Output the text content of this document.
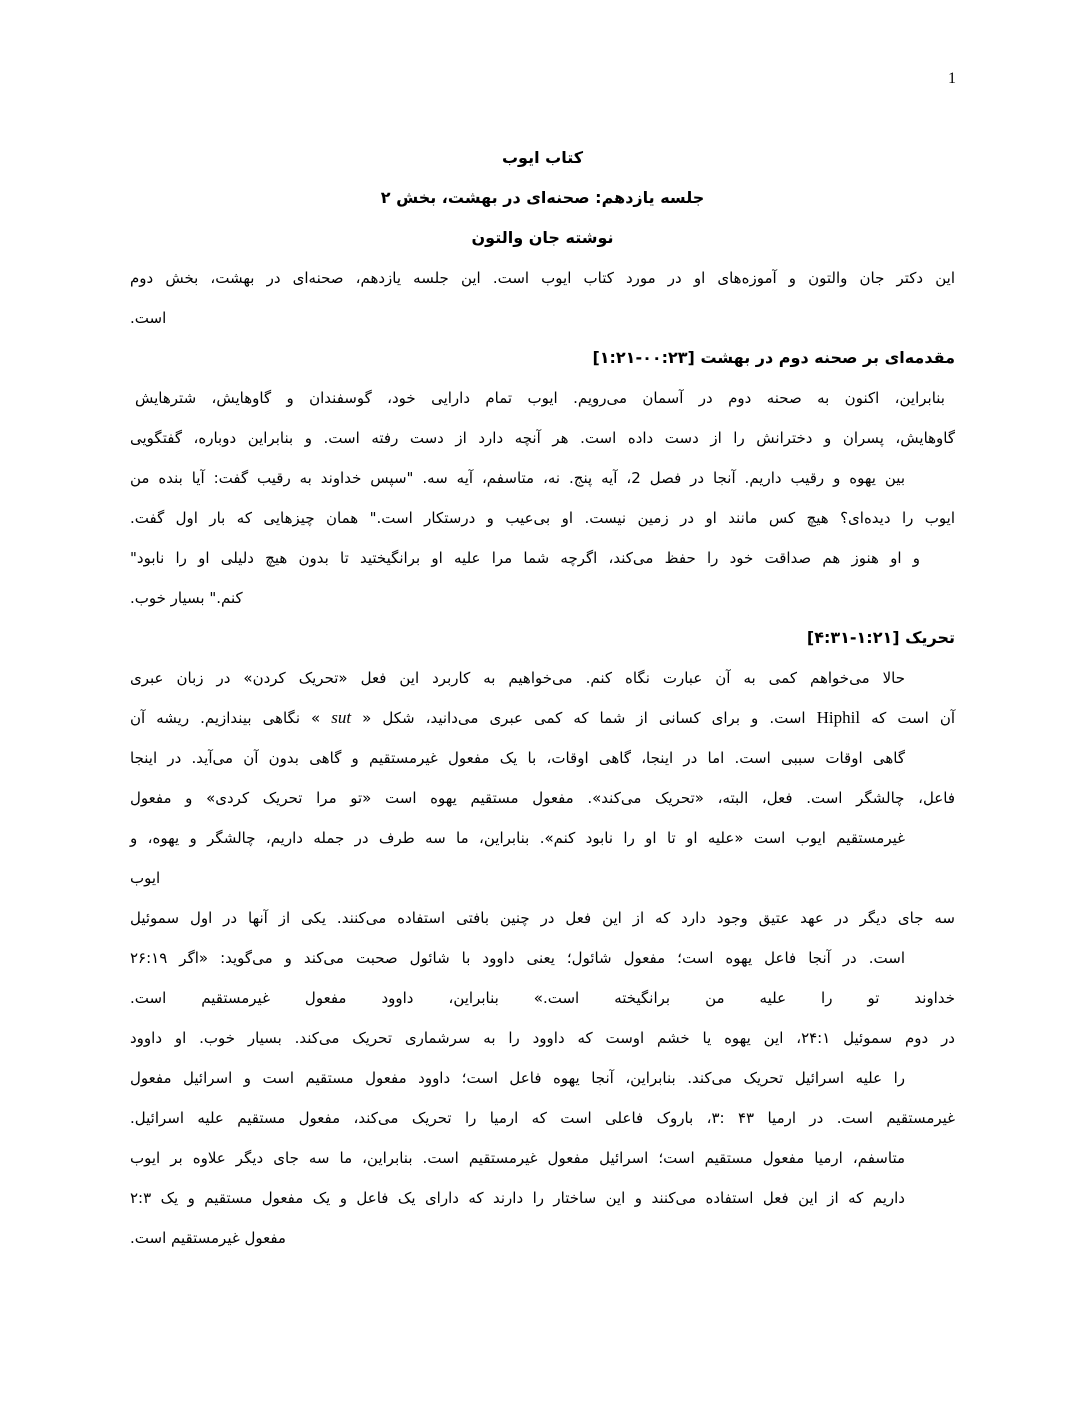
1
کتاب ایوب
جلسه یازدهم: صحنه‌ای در بهشت، بخش ۲
نوشته جان والتون
این دکتر جان والتون و آموزه‌های او در مورد کتاب ایوب است. این جلسه یازدهم، صحنه‌ای در بهشت، بخش دوم
است.
مقدمه‌ای بر صحنه دوم در بهشت [۱:۲۱-۰۰:۲۳]
بنابراین، اکنون به صحنه دوم در آسمان می‌رویم. ایوب تمام دارایی خود، گوسفندان و گاوهایش، شترهایش
گاوهایش، پسران و دخترانش را از دست داده است. هر آنچه دارد از دست رفته است. و بنابراین دوباره، گفتگویی
بین یهوه و رقیب داریم. آنجا در فصل 2، آیه پنج. نه، متاسفم، آیه سه. "سپس خداوند به رقیب گفت: آیا بنده من
ایوب را دیده‌ای؟ هیچ کس مانند او در زمین نیست. او بی‌عیب و درستکار است." همان چیزهایی که بار اول گفت.
و او هنوز هم صداقت خود را حفظ می‌کند، اگرچه شما مرا علیه او برانگیختید تا بدون هیچ دلیلی او را نابود"
کنم." بسیار خوب.
تحریک [۴:۳۱-۱:۲۱]
حالا می‌خواهم کمی به آن عبارت نگاه کنم. می‌خواهیم به کاربرد این فعل «تحریک کردن» در زبان عبری
آن است که Hiphil است. و برای کسانی از شما که کمی عبری می‌دانید، شکل « sut » نگاهی بیندازیم. ریشه آن
گاهی اوقات سببی است. اما در اینجا، گاهی اوقات، با یک مفعول غیرمستقیم و گاهی بدون آن می‌آید. در اینجا
فاعل، چالشگر است. فعل، البته، «تحریک می‌کند». مفعول مستقیم یهوه است «تو مرا تحریک کردی» و مفعول
غیرمستقیم ایوب است «علیه او تا او را نابود کنم». بنابراین، ما سه طرف در جمله داریم، چالشگر و یهوه، و
ایوب
سه جای دیگر در عهد عتیق وجود دارد که از این فعل در چنین بافتی استفاده می‌کنند. یکی از آنها در اول سموئیل
است. در آنجا فاعل یهوه است؛ مفعول شائول؛ یعنی داوود با شائول صحبت می‌کند و می‌گوید: «اگر ۲۶:۱۹
خداوند تو را علیه من برانگیخته است.» بنابراین، داوود مفعول غیرمستقیم است.
در دوم سموئیل ۲۴:۱، این یهوه یا خشم اوست که داوود را به سرشماری تحریک می‌کند. بسیار خوب. او داوود
را علیه اسرائیل تحریک می‌کند. بنابراین، آنجا یهوه فاعل است؛ داوود مفعول مستقیم است و اسرائیل مفعول
غیرمستقیم است. در ارمیا ۴۳ :۳، باروک فاعلی است که ارمیا را تحریک می‌کند، مفعول مستقیم علیه اسرائیل.
متاسفم، ارمیا مفعول مستقیم است؛ اسرائیل مفعول غیرمستقیم است. بنابراین، ما سه جای دیگر علاوه بر ایوب
داریم که از این فعل استفاده می‌کنند و این ساختار را دارند که دارای یک فاعل و یک مفعول مستقیم و یک ۲:۳
مفعول غیرمستقیم است.
